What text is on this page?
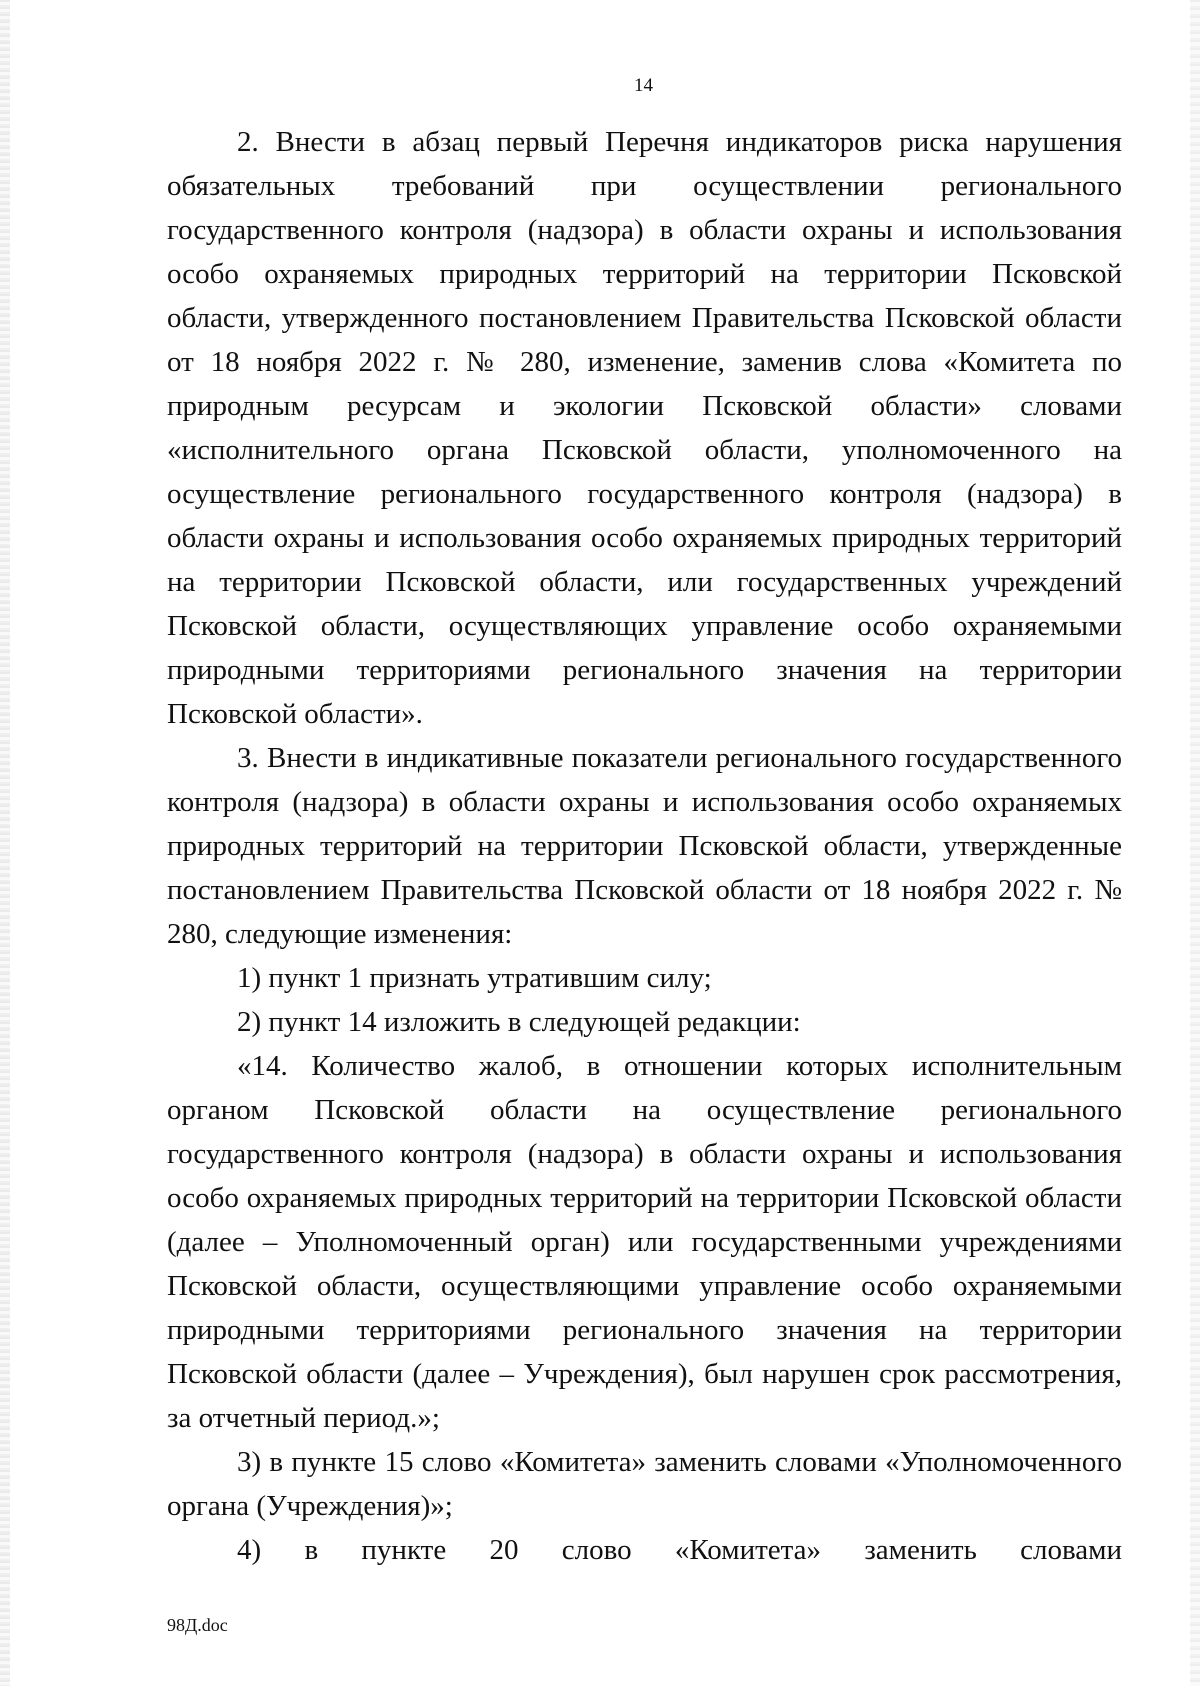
14

2. Внести в абзац первый Перечня индикаторов риска нарушения обязательных требований при осуществлении регионального государственного контроля (надзора) в области охраны и использования особо охраняемых природных территорий на территории Псковской области, утвержденного постановлением Правительства Псковской области от 18 ноября 2022 г. № 280, изменение, заменив слова «Комитета по природным ресурсам и экологии Псковской области» словами «исполнительного органа Псковской области, уполномоченного на осуществление регионального государственного контроля (надзора) в области охраны и использования особо охраняемых природных территорий на территории Псковской области, или государственных учреждений Псковской области, осуществляющих управление особо охраняемыми природными территориями регионального значения на территории Псковской области».

3. Внести в индикативные показатели регионального государственного контроля (надзора) в области охраны и использования особо охраняемых природных территорий на территории Псковской области, утвержденные постановлением Правительства Псковской области от 18 ноября 2022 г. № 280, следующие изменения:

1) пункт 1 признать утратившим силу;

2) пункт 14 изложить в следующей редакции:

«14. Количество жалоб, в отношении которых исполнительным органом Псковской области на осуществление регионального государственного контроля (надзора) в области охраны и использования особо охраняемых природных территорий на территории Псковской области (далее – Уполномоченный орган) или государственными учреждениями Псковской области, осуществляющими управление особо охраняемыми природными территориями регионального значения на территории Псковской области (далее – Учреждения), был нарушен срок рассмотрения, за отчетный период.»;

3) в пункте 15 слово «Комитета» заменить словами «Уполномоченного органа (Учреждения)»;

4) в пункте 20 слово «Комитета» заменить словами

98Д.doc
